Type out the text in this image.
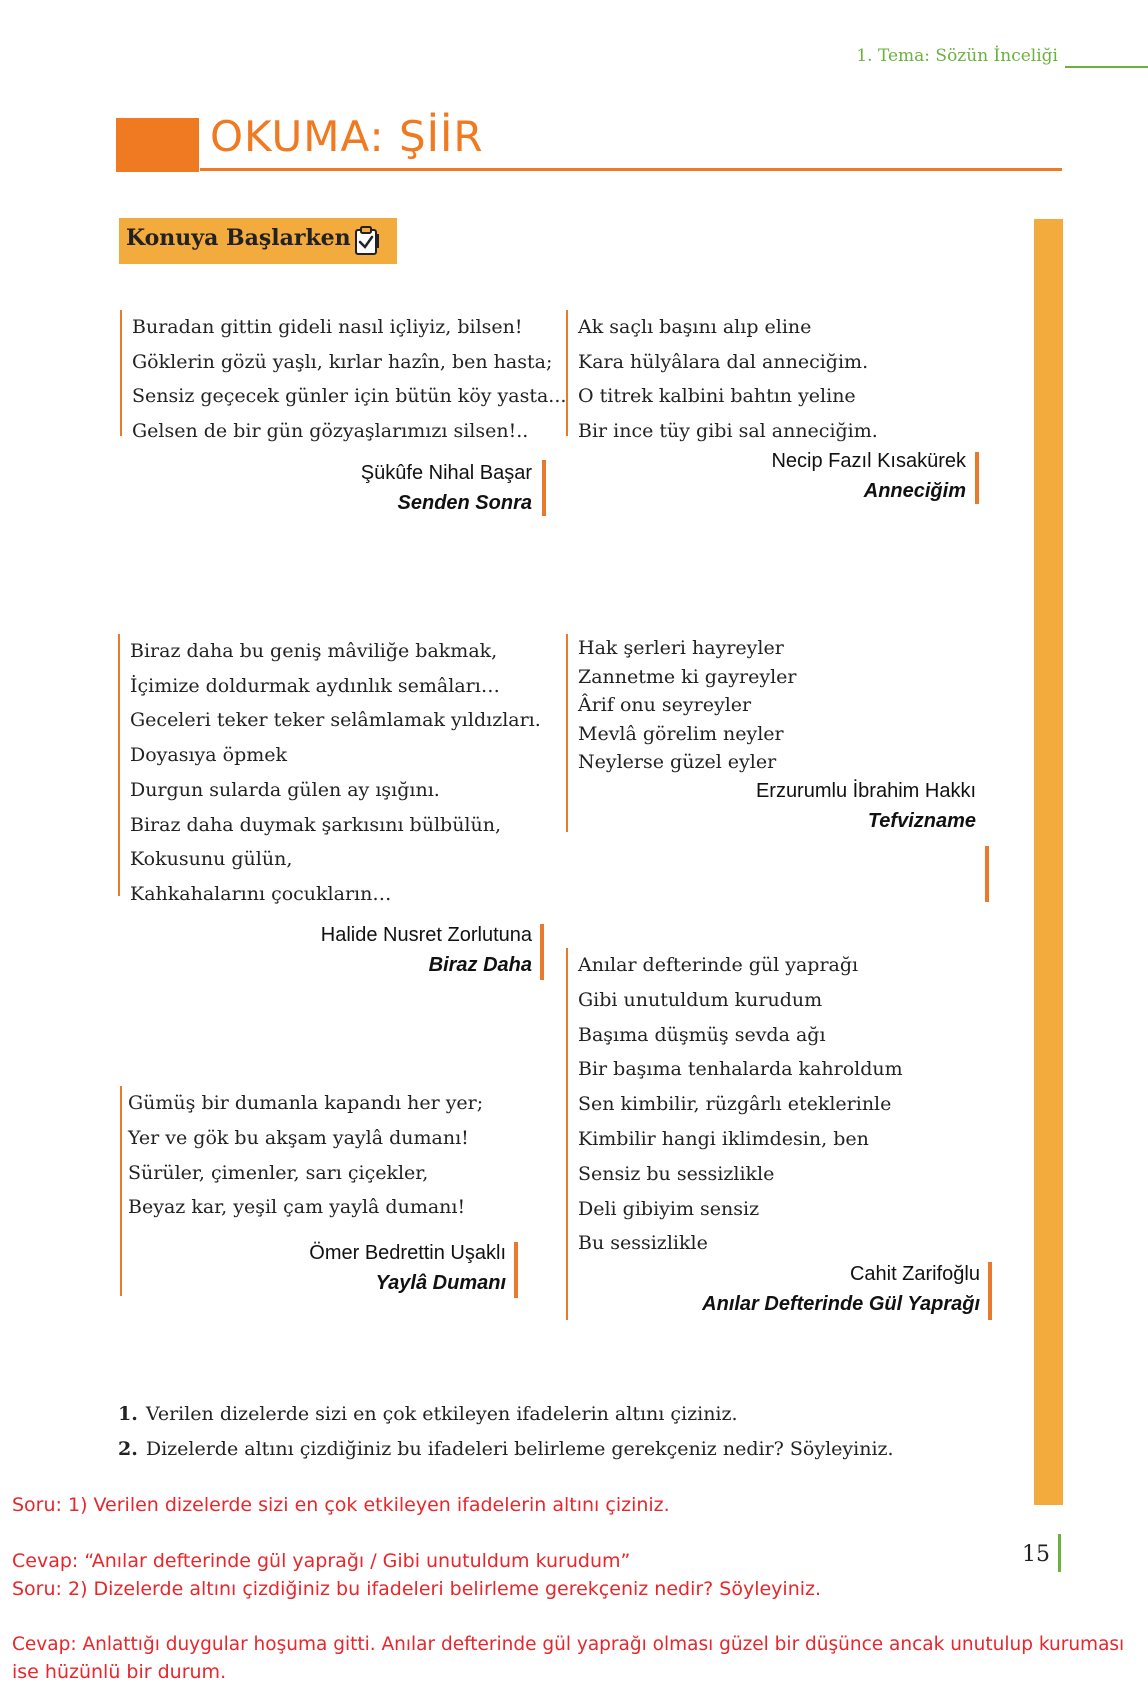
1. Tema: Sözün İnceliği
OKUMA: ŞİİR
Konuya Başlarken
Buradan gittin gideli nasıl içliyiz, bilsen!
Göklerin gözü yaşlı, kırlar hazîn, ben hasta;
Sensiz geçecek günler için bütün köy yasta...
Gelsen de bir gün gözyaşlarımızı silsen!..
Şükûfe Nihal Başar
Senden Sonra
Ak saçlı başını alıp eline
Kara hülyâlara dal anneciğim.
O titrek kalbini bahtın yeline
Bir ince tüy gibi sal anneciğim.
Necip Fazıl Kısakürek
Anneciğim
Biraz daha bu geniş mâviliğe bakmak,
İçimize doldurmak aydınlık semâları…
Geceleri teker teker selâmlamak yıldızları.
Doyasıya öpmek
Durgun sularda gülen ay ışığını.
Biraz daha duymak şarkısını bülbülün,
Kokusunu gülün,
Kahkahalarını çocukların…
Halide Nusret Zorlutuna
Biraz Daha
Hak şerleri hayreyler
Zannetme ki gayreyler
Ârif onu seyreyler
Mevlâ görelim neyler
Neylerse güzel eyler
Erzurumlu İbrahim Hakkı
Tefvizname
Anılar defterinde gül yaprağı
Gibi unutuldum kurudum
Başıma düşmüş sevda ağı
Bir başıma tenhalarda kahroldum
Sen kimbilir, rüzgârlı eteklerinle
Kimbilir hangi iklimdesin, ben
Sensiz bu sessizlikle
Deli gibiyim sensiz
Bu sessizlikle
Cahit Zarifoğlu
Anılar Defterinde Gül Yaprağı
Gümüş bir dumanla kapandı her yer;
Yer ve gök bu akşam yaylâ dumanı!
Sürüler, çimenler, sarı çiçekler,
Beyaz kar, yeşil çam yaylâ dumanı!
Ömer Bedrettin Uşaklı
Yaylâ Dumanı
1. Verilen dizelerde sizi en çok etkileyen ifadelerin altını çiziniz.
2. Dizelerde altını çizdiğiniz bu ifadeleri belirleme gerekçeniz nedir? Söyleyiniz.
Soru: 1) Verilen dizelerde sizi en çok etkileyen ifadelerin altını çiziniz.
Cevap: “Anılar defterinde gül yaprağı / Gibi unutuldum kurudum”
Soru: 2) Dizelerde altını çizdiğiniz bu ifadeleri belirleme gerekçeniz nedir? Söyleyiniz.
Cevap: Anlattığı duygular hoşuma gitti. Anılar defterinde gül yaprağı olması güzel bir düşünce ancak unutulup kuruması
ise hüzünlü bir durum.
15
